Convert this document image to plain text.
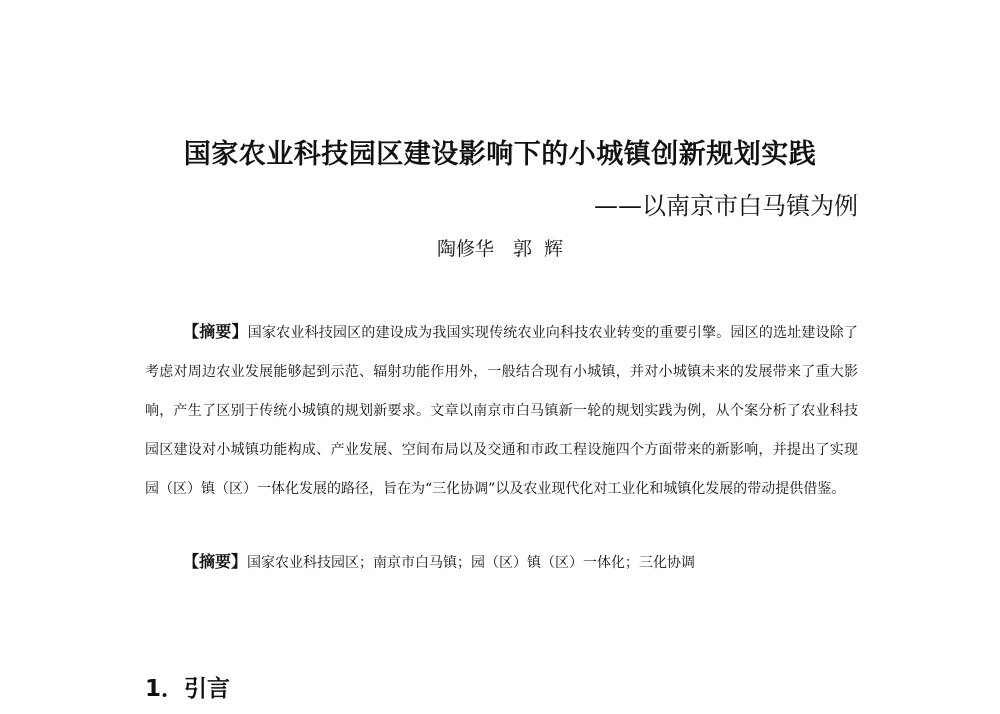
国家农业科技园区建设影响下的小城镇创新规划实践
——以南京市白马镇为例
陶修华　郭 辉

【摘要】国家农业科技园区的建设成为我国实现传统农业向科技农业转变的重要引擎。园区的选址建设除了考虑对周边农业发展能够起到示范、辐射功能作用外，一般结合现有小城镇，并对小城镇未来的发展带来了重大影响，产生了区别于传统小城镇的规划新要求。文章以南京市白马镇新一轮的规划实践为例，从个案分析了农业科技园区建设对小城镇功能构成、产业发展、空间布局以及交通和市政工程设施四个方面带来的新影响，并提出了实现园（区）镇（区）一体化发展的路径，旨在为“三化协调”以及农业现代化对工业化和城镇化发展的带动提供借鉴。

【摘要】国家农业科技园区；南京市白马镇；园（区）镇（区）一体化；三化协调
1．引言
